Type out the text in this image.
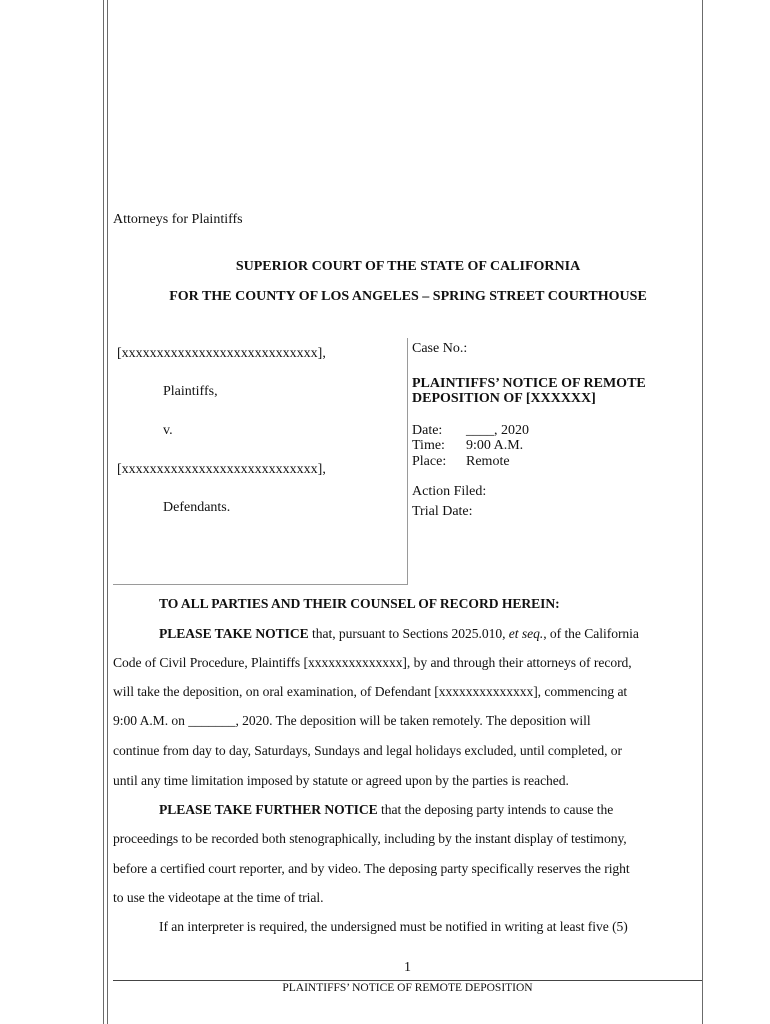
Attorneys for Plaintiffs
SUPERIOR COURT OF THE STATE OF CALIFORNIA
FOR THE COUNTY OF LOS ANGELES – SPRING STREET COURTHOUSE
[xxxxxxxxxxxxxxxxxxxxxxxxxxxx],
Plaintiffs,
v.
[xxxxxxxxxxxxxxxxxxxxxxxxxxxx],
Defendants.
Case No.:
PLAINTIFFS’ NOTICE OF REMOTE
DEPOSITION OF [XXXXXX]
Date: ____, 2020
Time: 9:00 A.M.
Place: Remote
Action Filed:
Trial Date:
TO ALL PARTIES AND THEIR COUNSEL OF RECORD HEREIN:
PLEASE TAKE NOTICE that, pursuant to Sections 2025.010, et seq., of the California
Code of Civil Procedure, Plaintiffs [xxxxxxxxxxxxxx], by and through their attorneys of record,
will take the deposition, on oral examination, of Defendant [xxxxxxxxxxxxxx], commencing at
9:00 A.M. on _______, 2020. The deposition will be taken remotely. The deposition will
continue from day to day, Saturdays, Sundays and legal holidays excluded, until completed, or
until any time limitation imposed by statute or agreed upon by the parties is reached.
PLEASE TAKE FURTHER NOTICE that the deposing party intends to cause the
proceedings to be recorded both stenographically, including by the instant display of testimony,
before a certified court reporter, and by video. The deposing party specifically reserves the right
to use the videotape at the time of trial.
If an interpreter is required, the undersigned must be notified in writing at least five (5)
1
PLAINTIFFS’ NOTICE OF REMOTE DEPOSITION
